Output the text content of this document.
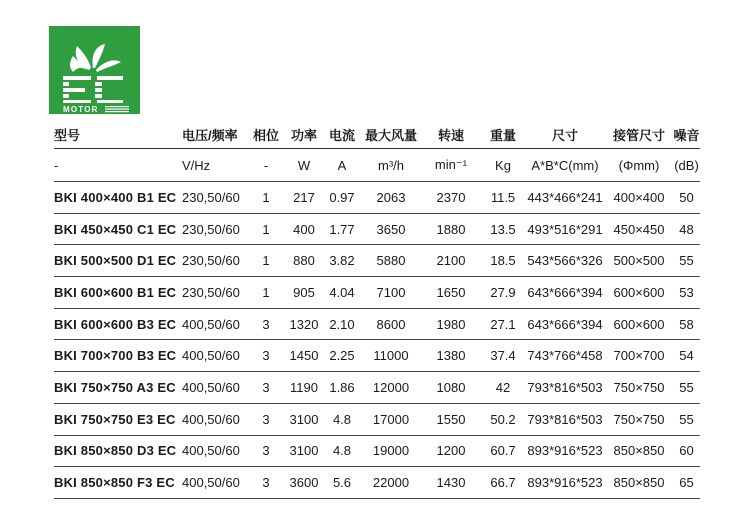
MOTOR
型号	电压/频率	相位	功率	电流	最大风量	转速	重量	尺寸	接管尺寸	噪音
-	V/Hz	-	W	A	m³/h	min⁻¹	Kg	A*B*C(mm)	(Φmm)	(dB)
BKI 400×400 B1 EC	230,50/60	1	217	0.97	2063	2370	11.5	443*466*241	400×400	50
BKI 450×450 C1 EC	230,50/60	1	400	1.77	3650	1880	13.5	493*516*291	450×450	48
BKI 500×500 D1 EC	230,50/60	1	880	3.82	5880	2100	18.5	543*566*326	500×500	55
BKI 600×600 B1 EC	230,50/60	1	905	4.04	7100	1650	27.9	643*666*394	600×600	53
BKI 600×600 B3 EC	400,50/60	3	1320	2.10	8600	1980	27.1	643*666*394	600×600	58
BKI 700×700 B3 EC	400,50/60	3	1450	2.25	11000	1380	37.4	743*766*458	700×700	54
BKI 750×750 A3 EC	400,50/60	3	1190	1.86	12000	1080	42	793*816*503	750×750	55
BKI 750×750 E3 EC	400,50/60	3	3100	4.8	17000	1550	50.2	793*816*503	750×750	55
BKI 850×850 D3 EC	400,50/60	3	3100	4.8	19000	1200	60.7	893*916*523	850×850	60
BKI 850×850 F3 EC	400,50/60	3	3600	5.6	22000	1430	66.7	893*916*523	850×850	65
